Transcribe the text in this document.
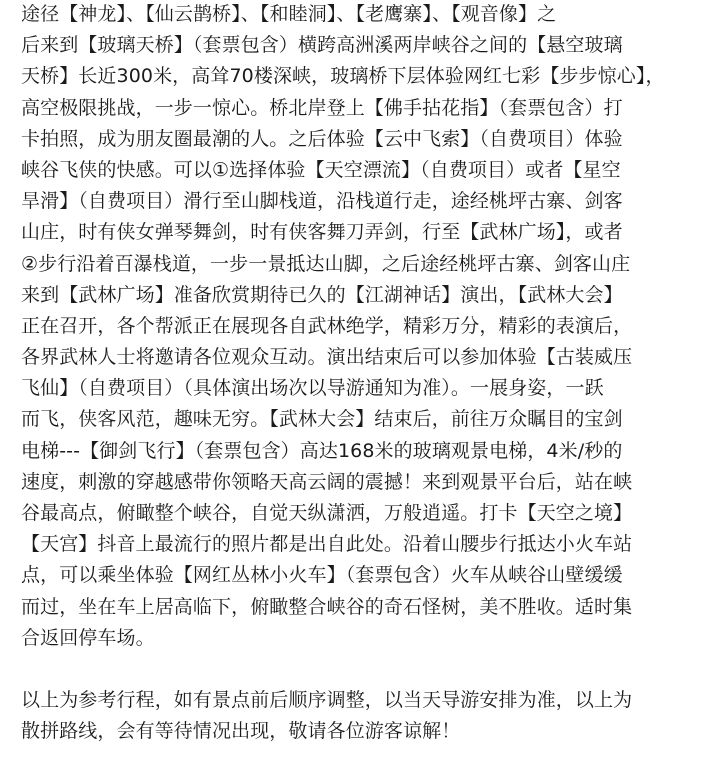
途径【神龙】、【仙云鹊桥】、【和睦洞】、【老鹰寨】、【观音像】之
后来到【玻璃天桥】（套票包含）横跨高洲溪两岸峡谷之间的【悬空玻璃
天桥】长近300米，高耸70楼深峡，玻璃桥下层体验网红七彩【步步惊心】，
高空极限挑战，一步一惊心。桥北岸登上【佛手拈花指】（套票包含）打
卡拍照，成为朋友圈最潮的人。之后体验【云中飞索】（自费项目）体验
峡谷飞侠的快感。可以①选择体验【天空漂流】（自费项目）或者【星空
旱滑】（自费项目）滑行至山脚栈道，沿栈道行走，途经桃坪古寨、剑客
山庄，时有侠女弹琴舞剑，时有侠客舞刀弄剑，行至【武林广场】，或者
②步行沿着百瀑栈道，一步一景抵达山脚，之后途经桃坪古寨、剑客山庄
来到【武林广场】准备欣赏期待已久的【江湖神话】演出，【武林大会】
正在召开，各个帮派正在展现各自武林绝学，精彩万分，精彩的表演后，
各界武林人士将邀请各位观众互动。演出结束后可以参加体验【古装威压
飞仙】（自费项目）（具体演出场次以导游通知为准）。一展身姿，一跃
而飞，侠客风范，趣味无穷。【武林大会】结束后，前往万众瞩目的宝剑
电梯---【御剑飞行】（套票包含）高达168米的玻璃观景电梯，4米/秒的
速度，刺激的穿越感带你领略天高云阔的震撼！来到观景平台后，站在峡
谷最高点，俯瞰整个峡谷，自觉天纵潇洒，万般逍遥。打卡【天空之境】
【天宫】抖音上最流行的照片都是出自此处。沿着山腰步行抵达小火车站
点，可以乘坐体验【网红丛林小火车】（套票包含）火车从峡谷山壁缓缓
而过，坐在车上居高临下，俯瞰整合峡谷的奇石怪树，美不胜收。适时集
合返回停车场。
以上为参考行程，如有景点前后顺序调整，以当天导游安排为准，以上为
散拼路线，会有等待情况出现，敬请各位游客谅解！
